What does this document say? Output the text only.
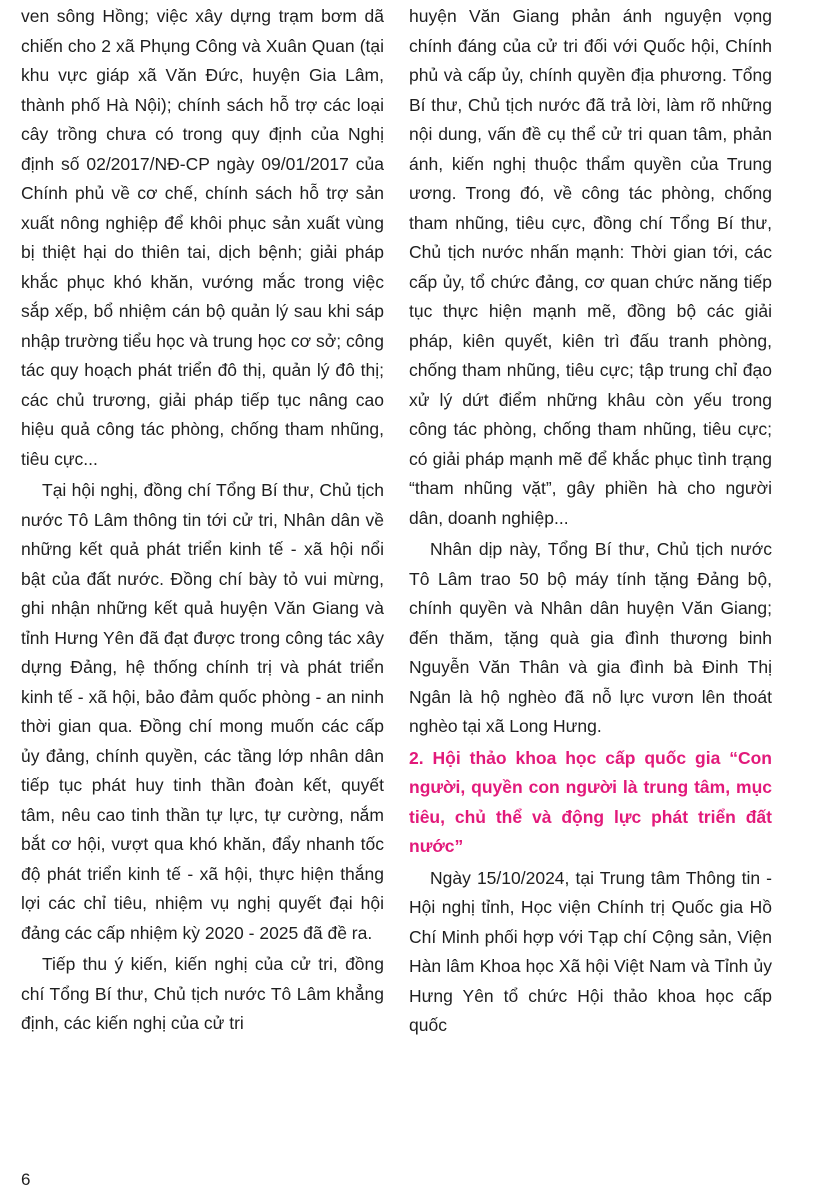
ven sông Hồng; việc xây dựng trạm bơm dã chiến cho 2 xã Phụng Công và Xuân Quan (tại khu vực giáp xã Văn Đức, huyện Gia Lâm, thành phố Hà Nội); chính sách hỗ trợ các loại cây trồng chưa có trong quy định của Nghị định số 02/2017/NĐ-CP ngày 09/01/2017 của Chính phủ về cơ chế, chính sách hỗ trợ sản xuất nông nghiệp để khôi phục sản xuất vùng bị thiệt hại do thiên tai, dịch bệnh; giải pháp khắc phục khó khăn, vướng mắc trong việc sắp xếp, bổ nhiệm cán bộ quản lý sau khi sáp nhập trường tiểu học và trung học cơ sở; công tác quy hoạch phát triển đô thị, quản lý đô thị; các chủ trương, giải pháp tiếp tục nâng cao hiệu quả công tác phòng, chống tham nhũng, tiêu cực...

Tại hội nghị, đồng chí Tổng Bí thư, Chủ tịch nước Tô Lâm thông tin tới cử tri, Nhân dân về những kết quả phát triển kinh tế - xã hội nổi bật của đất nước. Đồng chí bày tỏ vui mừng, ghi nhận những kết quả huyện Văn Giang và tỉnh Hưng Yên đã đạt được trong công tác xây dựng Đảng, hệ thống chính trị và phát triển kinh tế - xã hội, bảo đảm quốc phòng - an ninh thời gian qua. Đồng chí mong muốn các cấp ủy đảng, chính quyền, các tầng lớp nhân dân tiếp tục phát huy tinh thần đoàn kết, quyết tâm, nêu cao tinh thần tự lực, tự cường, nắm bắt cơ hội, vượt qua khó khăn, đẩy nhanh tốc độ phát triển kinh tế - xã hội, thực hiện thắng lợi các chỉ tiêu, nhiệm vụ nghị quyết đại hội đảng các cấp nhiệm kỳ 2020 - 2025 đã đề ra.

Tiếp thu ý kiến, kiến nghị của cử tri, đồng chí Tổng Bí thư, Chủ tịch nước Tô Lâm khẳng định, các kiến nghị của cử tri

huyện Văn Giang phản ánh nguyện vọng chính đáng của cử tri đối với Quốc hội, Chính phủ và cấp ủy, chính quyền địa phương. Tổng Bí thư, Chủ tịch nước đã trả lời, làm rõ những nội dung, vấn đề cụ thể cử tri quan tâm, phản ánh, kiến nghị thuộc thẩm quyền của Trung ương. Trong đó, về công tác phòng, chống tham nhũng, tiêu cực, đồng chí Tổng Bí thư, Chủ tịch nước nhấn mạnh: Thời gian tới, các cấp ủy, tổ chức đảng, cơ quan chức năng tiếp tục thực hiện mạnh mẽ, đồng bộ các giải pháp, kiên quyết, kiên trì đấu tranh phòng, chống tham nhũng, tiêu cực; tập trung chỉ đạo xử lý dứt điểm những khâu còn yếu trong công tác phòng, chống tham nhũng, tiêu cực; có giải pháp mạnh mẽ để khắc phục tình trạng “tham nhũng vặt”, gây phiền hà cho người dân, doanh nghiệp...

Nhân dịp này, Tổng Bí thư, Chủ tịch nước Tô Lâm trao 50 bộ máy tính tặng Đảng bộ, chính quyền và Nhân dân huyện Văn Giang; đến thăm, tặng quà gia đình thương binh Nguyễn Văn Thân và gia đình bà Đinh Thị Ngân là hộ nghèo đã nỗ lực vươn lên thoát nghèo tại xã Long Hưng.

2. Hội thảo khoa học cấp quốc gia “Con người, quyền con người là trung tâm, mục tiêu, chủ thể và động lực phát triển đất nước”

Ngày 15/10/2024, tại Trung tâm Thông tin - Hội nghị tỉnh, Học viện Chính trị Quốc gia Hồ Chí Minh phối hợp với Tạp chí Cộng sản, Viện Hàn lâm Khoa học Xã hội Việt Nam và Tỉnh ủy Hưng Yên tổ chức Hội thảo khoa học cấp quốc

6
